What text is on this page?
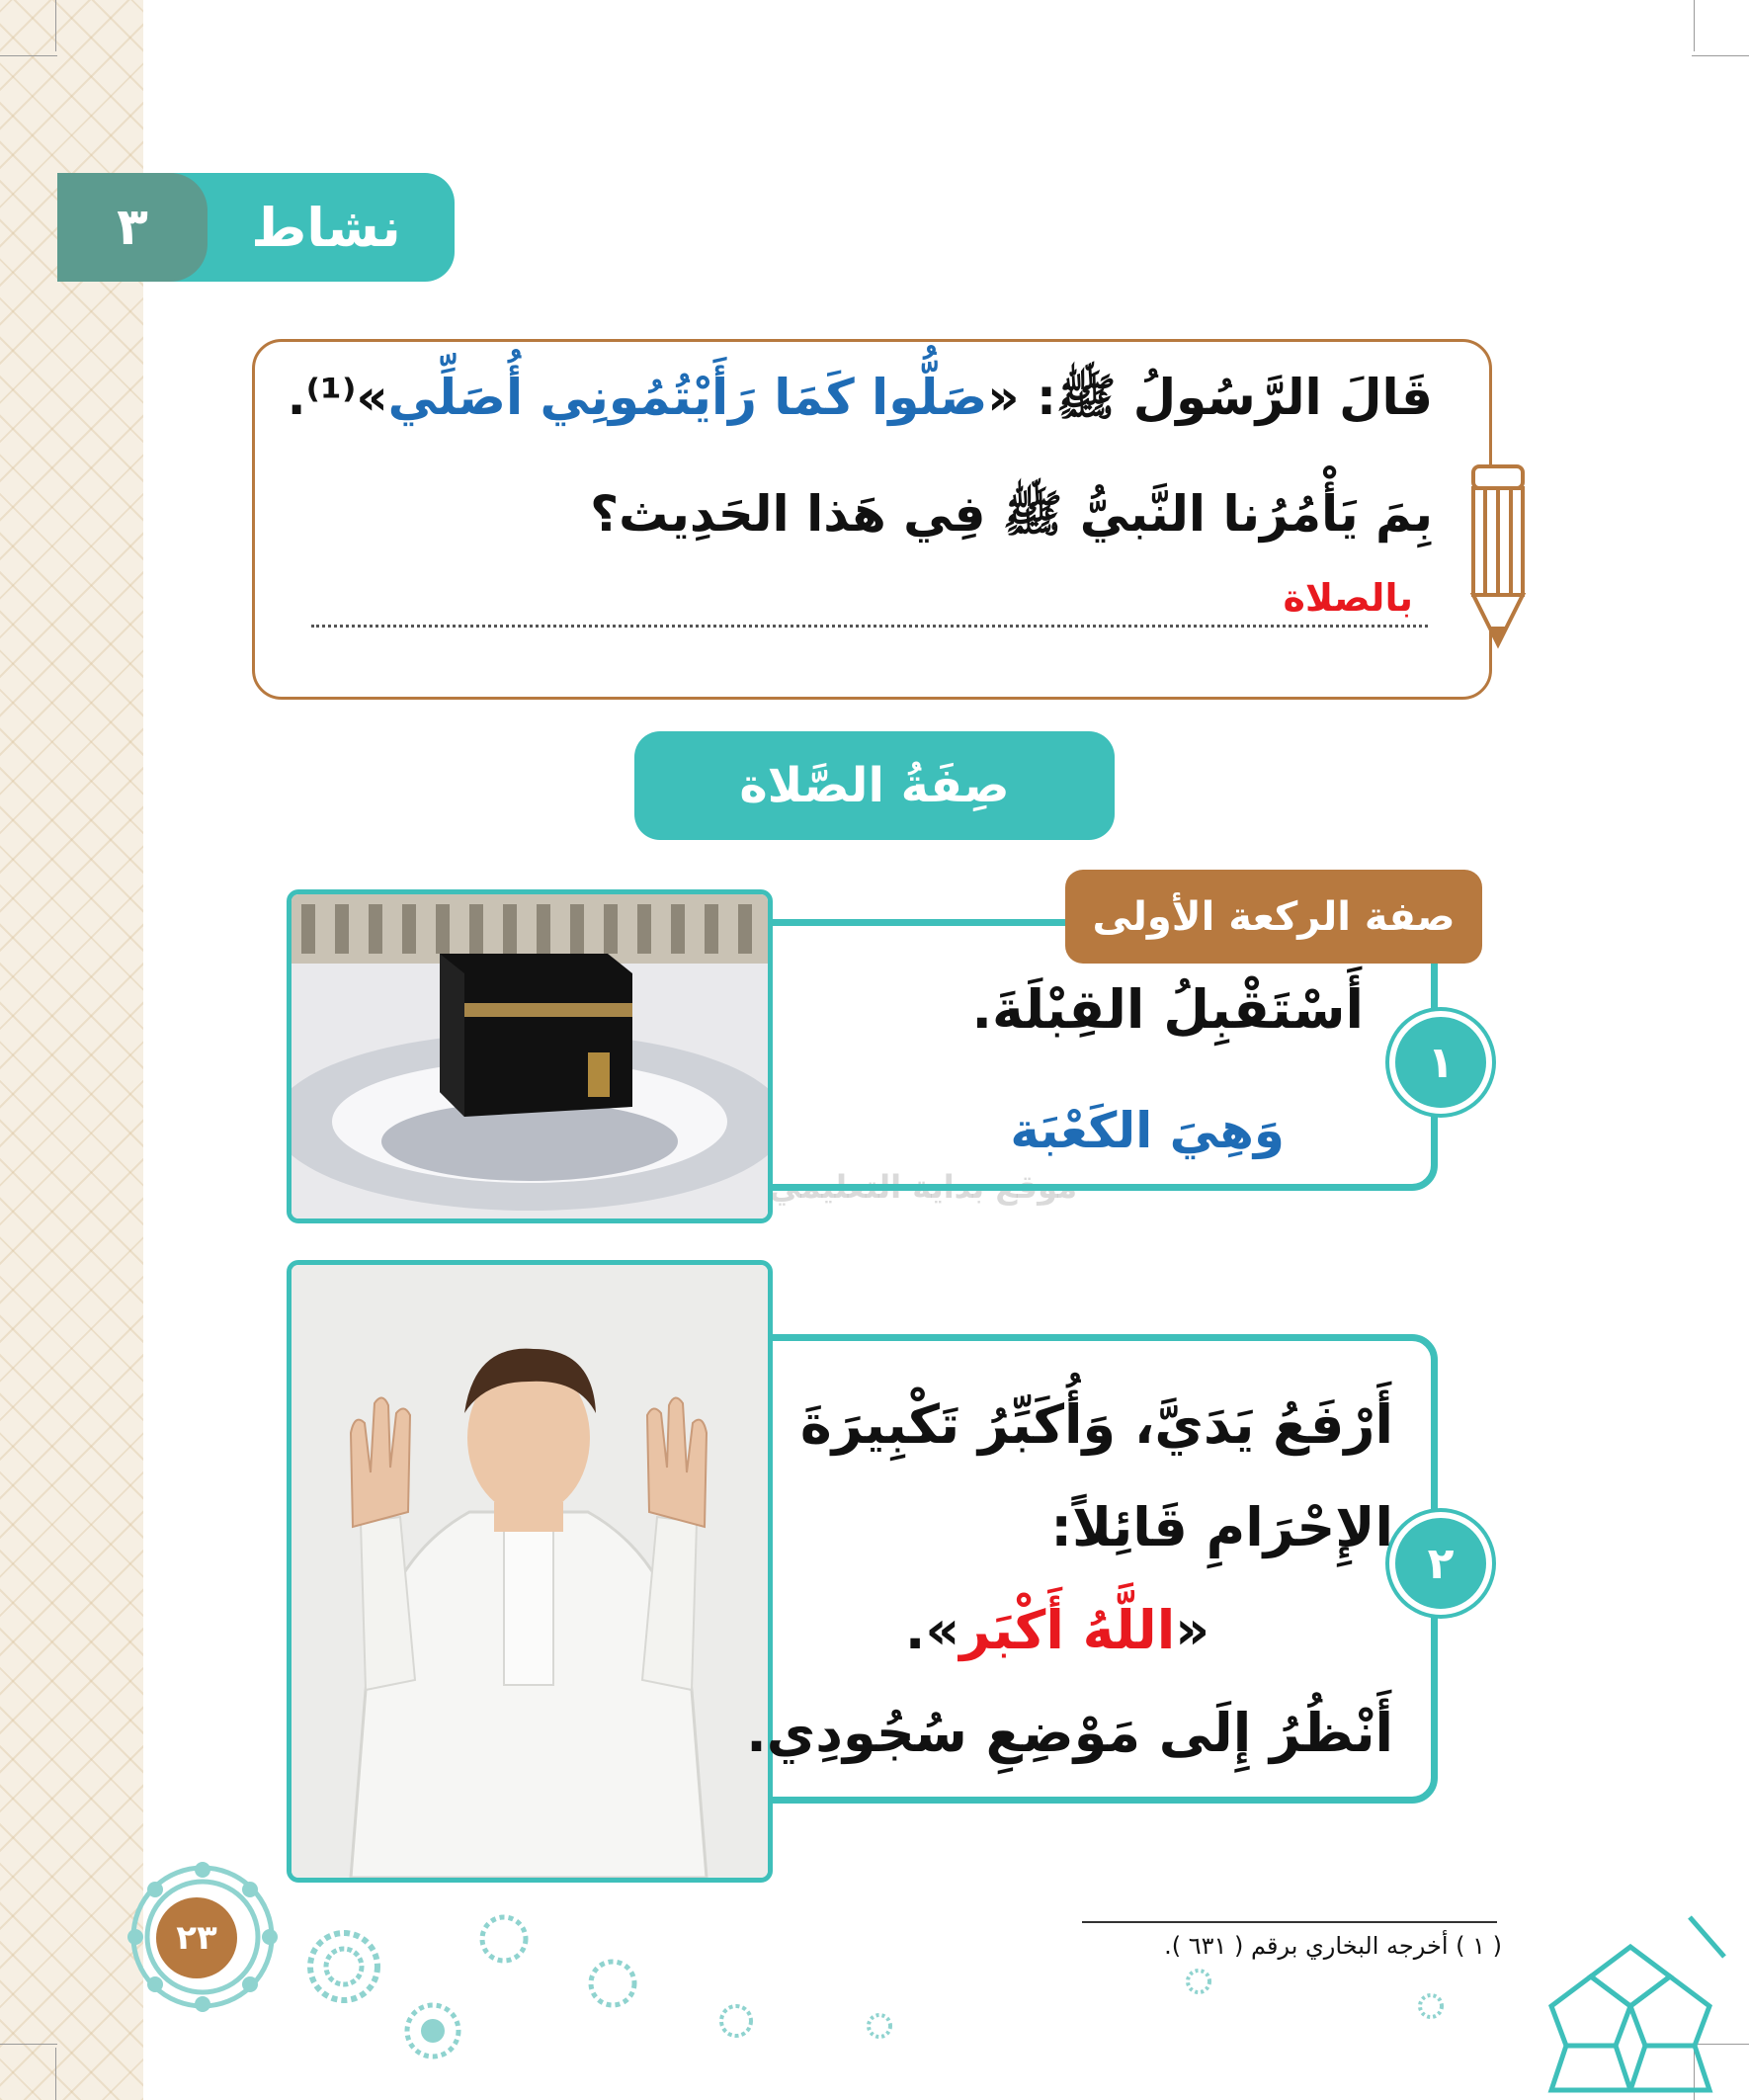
٣	نشاط
قَالَ الرَّسُولُ ﷺ: «صَلُّوا كَمَا رَأَيْتُمُونِي أُصَلِّي»⁽¹⁾.
بِمَ يَأْمُرُنا النَّبيُّ ﷺ فِي هَذا الحَدِيث؟
بالصلاة
صِفَةُ الصَّلاة
موقع بداية التعليمي
صفة الركعة الأولى
١
أَسْتَقْبِلُ القِبْلَةَ.
وَهِيَ الكَعْبَة
٢

أَرْفَعُ يَدَيَّ، وَأُكَبِّرُ تَكْبِيرَةَ

الإِحْرَامِ قَائِلاً:

«اللَّهُ أَكْبَر».

أَنْظُرُ إِلَى مَوْضِعِ سُجُودِي.

( ١ ) أخرجه البخاري برقم ( ٦٣١ ).
٢٣
